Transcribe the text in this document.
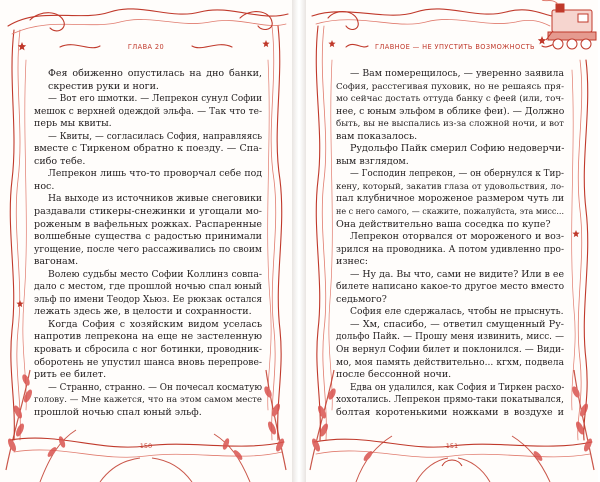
ГЛАВА 20
Фея обиженно опустилась на дно банки,
скрестив руки и ноги.
— Вот его шмотки. — Лепрекон сунул Софии
мешок с верхней одеждой эльфа. — Так что те-
перь мы квиты.
— Квиты, — согласилась София, направляясь
вместе с Тиркеном обратно к поезду. — Спа-
сибо тебе.
Лепрекон лишь что-то проворчал себе под
нос.
На выходе из источников живые снеговики
раздавали стикеры-снежинки и угощали мо-
роженым в вафельных рожках. Распаренные
волшебные существа с радостью принимали
угощение, после чего рассаживались по своим
вагонам.
Волею судьбы место Софии Коллинз совпа-
дало с местом, где прошлой ночью спал юный
эльф по имени Теодор Хьюз. Ее рюкзак остался
лежать здесь же, в целости и сохранности.
Когда София с хозяйским видом уселась
напротив лепрекона на еще не застеленную
кровать и сбросила с ног ботинки, проводник-
оборотень не упустил шанса вновь перепрове-
рить ее билет.
— Странно, странно. — Он почесал косматую
голову. — Мне кажется, что на этом самом месте
прошлой ночью спал юный эльф.
150
ГЛАВНОЕ — НЕ УПУСТИТЬ ВОЗМОЖНОСТЬ
— Вам померещилось, — уверенно заявила
София, расстегивая пуховик, но не решаясь пря-
мо сейчас достать оттуда банку с феей (или, точ-
нее, с юным эльфом в облике феи). — Должно
быть, вы не выспались из-за сложной ночи, и вот
вам показалось.
Рудольфо Пайк смерил Софию недоверчи-
вым взглядом.
— Господин лепрекон, — он обернулся к Тир-
кену, который, закатив глаза от удовольствия, ло-
пал клубничное мороженое размером чуть ли
не с него самого, — скажите, пожалуйста, эта мисс...
Она действительно ваша соседка по купе?
Лепрекон оторвался от мороженого и воз-
зрился на проводника. А потом удивленно про-
изнес:
— Ну да. Вы что, сами не видите? Или в ее
билете написано какое-то другое место вместо
седьмого?
София еле сдержалась, чтобы не прыснуть.
— Хм, спасибо, — ответил смущенный Ру-
дольфо Пайк. — Прошу меня извинить, мисс. —
Он вернул Софии билет и поклонился. — Види-
мо, моя память действительно... кгхм, подвела
после бессонной ночи.
Едва он удалился, как София и Тиркен расхо-
хохотались. Лепрекон прямо-таки покатывался,
болтая коротенькими ножками в воздухе и
151
